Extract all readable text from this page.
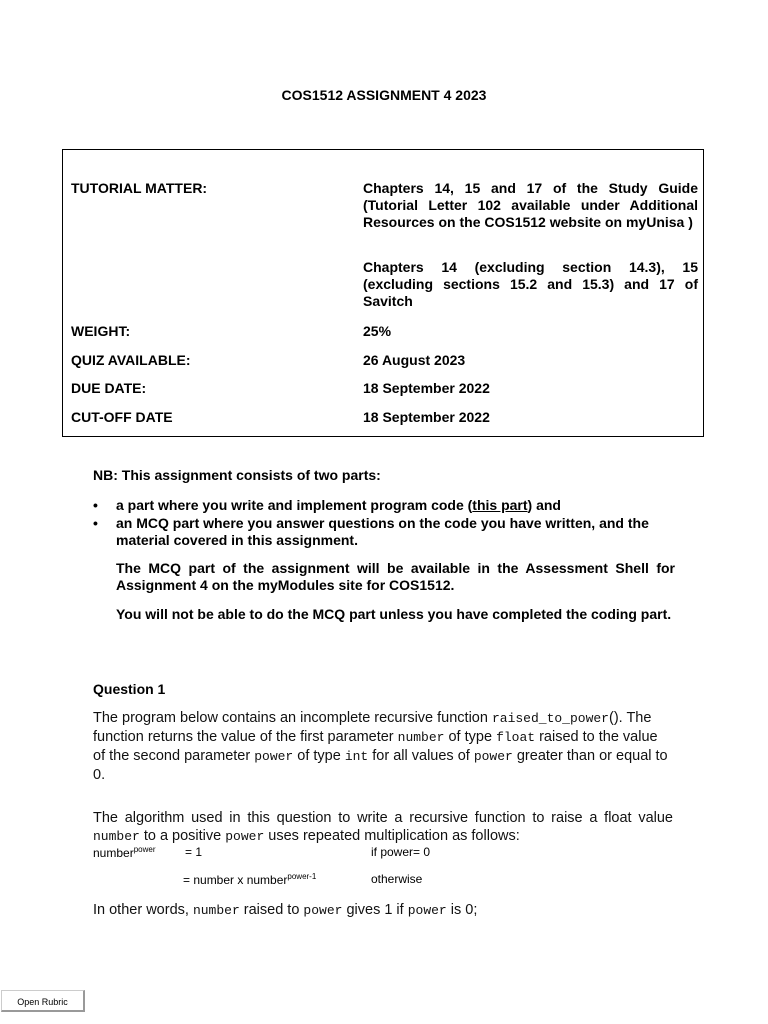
COS1512 ASSIGNMENT 4 2023
TUTORIAL MATTER:	Chapters 14, 15 and 17 of the Study Guide (Tutorial Letter 102 available under Additional Resources on the COS1512 website on myUnisa )
Chapters 14 (excluding section 14.3), 15 (excluding sections 15.2 and 15.3) and 17 of Savitch
WEIGHT:	25%
QUIZ AVAILABLE:	26 August 2023
DUE DATE:	18 September 2022
CUT-OFF DATE	18 September 2022
NB: This assignment consists of two parts:
• a part where you write and implement program code (this part) and
• an MCQ part where you answer questions on the code you have written, and the material covered in this assignment.
The MCQ part of the assignment will be available in the Assessment Shell for Assignment 4 on the myModules site for COS1512.
You will not be able to do the MCQ part unless you have completed the coding part.
Question 1
The program below contains an incomplete recursive function raised_to_power(). The function returns the value of the first parameter number of type float raised to the value of the second parameter power of type int for all values of power greater than or equal to 0.
The algorithm used in this question to write a recursive function to raise a float value number to a positive power uses repeated multiplication as follows:
number$^{power}$ = 1	if power= 0
= number x number$^{power-1}$	otherwise
In other words, number raised to power gives 1 if power is 0;
Open Rubric
